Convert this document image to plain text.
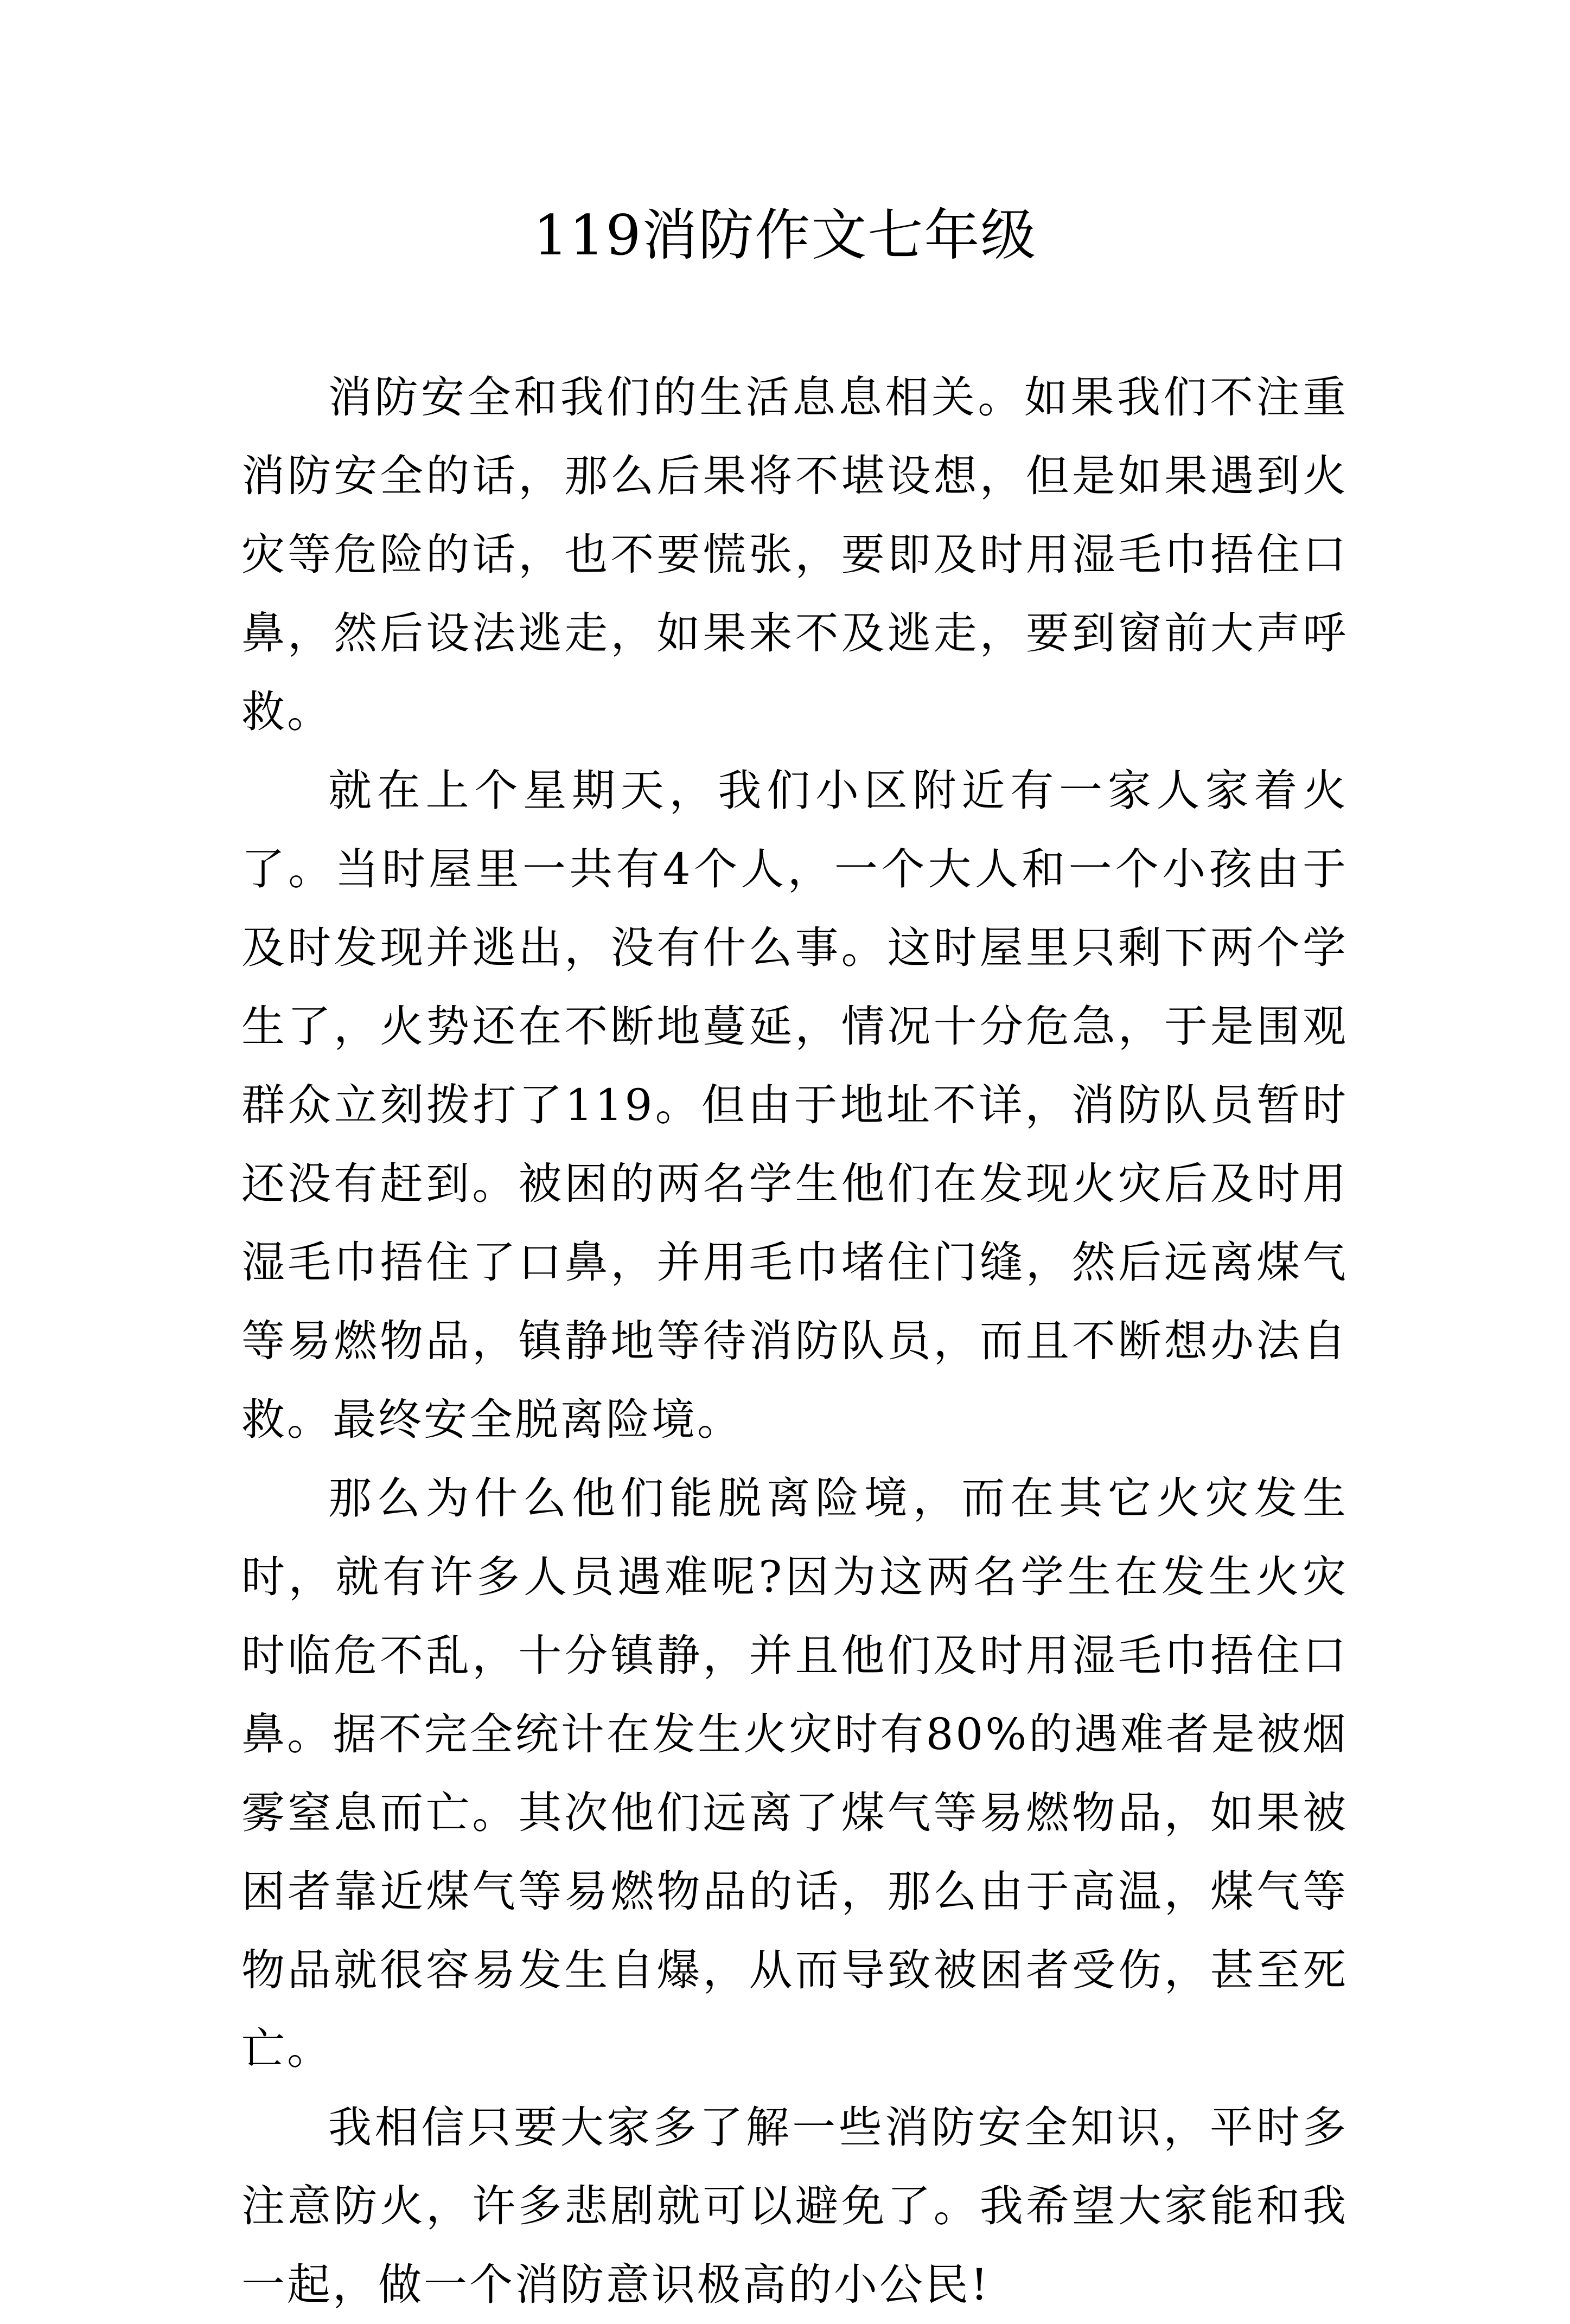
119消防作文七年级

消防安全和我们的生活息息相关。如果我们不注重消防安全的话，那么后果将不堪设想，但是如果遇到火灾等危险的话，也不要慌张，要即及时用湿毛巾捂住口鼻，然后设法逃走，如果来不及逃走，要到窗前大声呼救。

就在上个星期天，我们小区附近有一家人家着火了。当时屋里一共有4个人，一个大人和一个小孩由于及时发现并逃出，没有什么事。这时屋里只剩下两个学生了，火势还在不断地蔓延，情况十分危急，于是围观群众立刻拨打了119。但由于地址不详，消防队员暂时还没有赶到。被困的两名学生他们在发现火灾后及时用湿毛巾捂住了口鼻，并用毛巾堵住门缝，然后远离煤气等易燃物品，镇静地等待消防队员，而且不断想办法自救。最终安全脱离险境。

那么为什么他们能脱离险境，而在其它火灾发生时，就有许多人员遇难呢?因为这两名学生在发生火灾时临危不乱，十分镇静，并且他们及时用湿毛巾捂住口鼻。据不完全统计在发生火灾时有80%的遇难者是被烟雾窒息而亡。其次他们远离了煤气等易燃物品，如果被困者靠近煤气等易燃物品的话，那么由于高温，煤气等物品就很容易发生自爆，从而导致被困者受伤，甚至死亡。

我相信只要大家多了解一些消防安全知识，平时多注意防火，许多悲剧就可以避免了。我希望大家能和我一起，做一个消防意识极高的小公民!
